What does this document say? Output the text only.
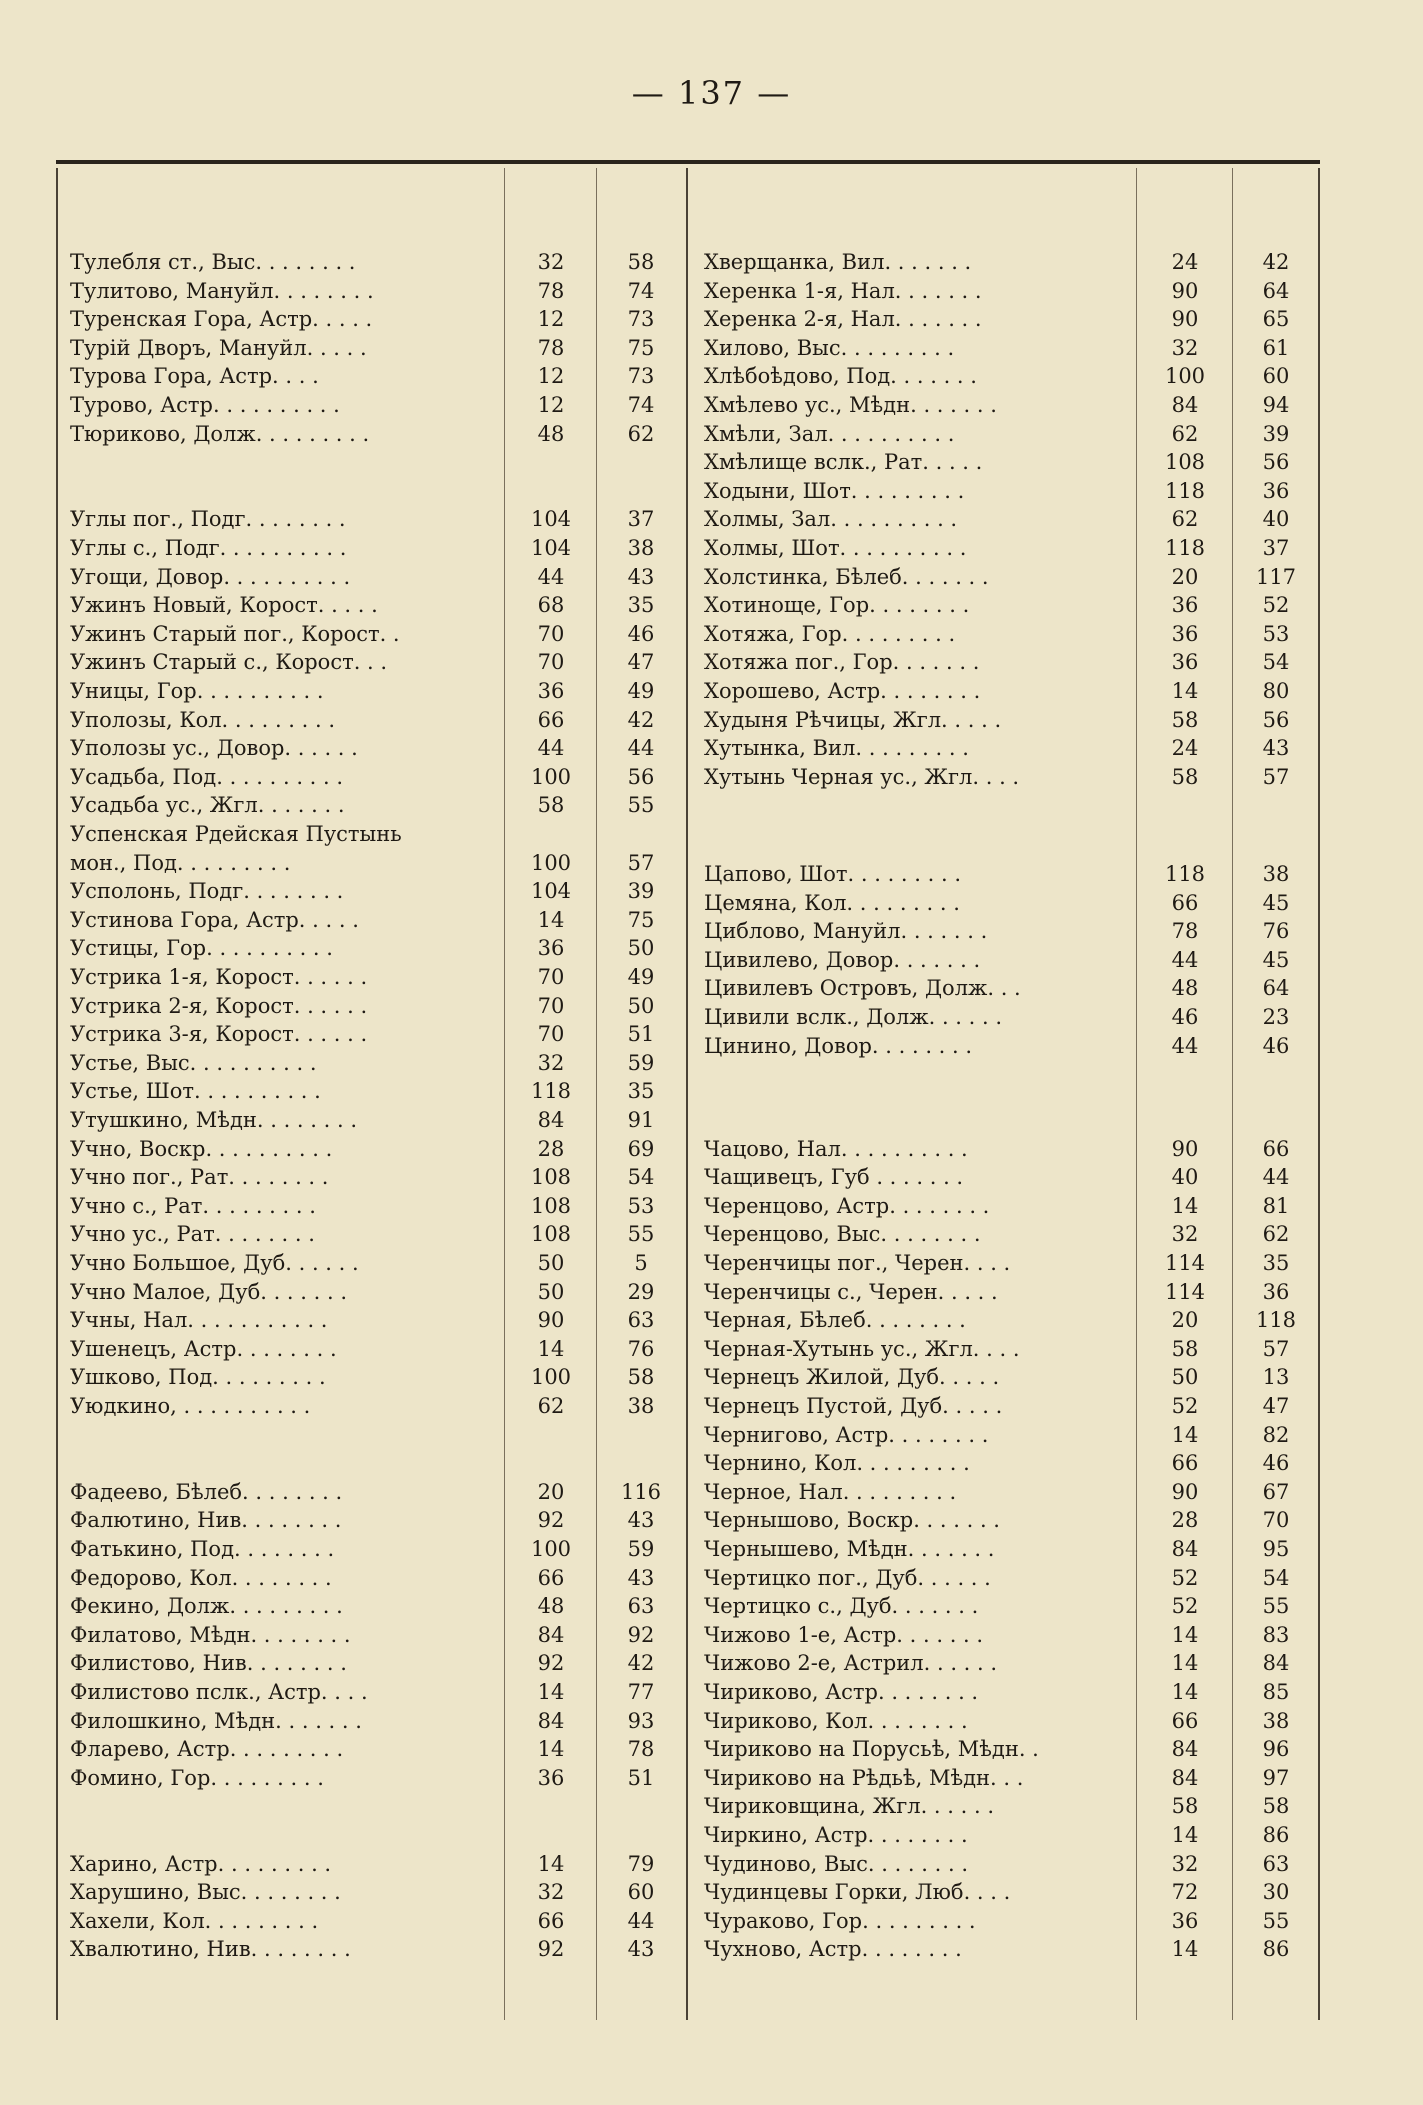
— 137 —
Тулебля ст., Выс. . . . . . . .	32	58
Тулитово, Мануйл. . . . . . . .	78	74
Туренская Гора, Астр. . . . .	12	73
Турій Дворъ, Мануйл. . . . .	78	75
Турова Гора, Астр. . . .	12	73
Турово, Астр. . . . . . . . . .	12	74
Тюриково, Долж. . . . . . . . .	48	62
Углы пог., Подг. . . . . . . .	104	37
Углы с., Подг. . . . . . . . . .	104	38
Угощи, Довор. . . . . . . . . .	44	43
Ужинъ Новый, Корост. . . . .	68	35
Ужинъ Старый пог., Корост. .	70	46
Ужинъ Старый с., Корост. . .	70	47
Уницы, Гор. . . . . . . . . .	36	49
Уполозы, Кол. . . . . . . . .	66	42
Уполозы ус., Довор. . . . . .	44	44
Усадьба, Под. . . . . . . . . .	100	56
Усадьба ус., Жгл. . . . . . .	58	55
Успенская Рдейская Пустынь
мон., Под. . . . . . . . .	100	57
Усполонь, Подг. . . . . . . .	104	39
Устинова Гора, Астр. . . . .	14	75
Устицы, Гор. . . . . . . . . .	36	50
Устрика 1-я, Корост. . . . . .	70	49
Устрика 2-я, Корост. . . . . .	70	50
Устрика 3-я, Корост. . . . . .	70	51
Устье, Выс. . . . . . . . . .	32	59
Устье, Шот. . . . . . . . . .	118	35
Утушкино, Мѣдн. . . . . . . .	84	91
Учно, Воскр. . . . . . . . . .	28	69
Учно пог., Рат. . . . . . . .	108	54
Учно с., Рат. . . . . . . . .	108	53
Учно ус., Рат. . . . . . . .	108	55
Учно Большое, Дуб. . . . . .	50	5
Учно Малое, Дуб. . . . . . .	50	29
Учны, Нал. . . . . . . . . . .	90	63
Ушенецъ, Астр. . . . . . . .	14	76
Ушково, Под. . . . . . . . .	100	58
Уюдкино, . . . . . . . . . .	62	38
Фадеево, Бѣлеб. . . . . . . .	20	116
Фалютино, Нив. . . . . . . .	92	43
Фатькино, Под. . . . . . . .	100	59
Федорово, Кол. . . . . . . .	66	43
Фекино, Долж. . . . . . . . .	48	63
Филатово, Мѣдн. . . . . . . .	84	92
Филистово, Нив. . . . . . . .	92	42
Филистово пслк., Астр. . . .	14	77
Филошкино, Мѣдн. . . . . . .	84	93
Фларево, Астр. . . . . . . . .	14	78
Фомино, Гор. . . . . . . . .	36	51
Харино, Астр. . . . . . . . .	14	79
Харушино, Выс. . . . . . . .	32	60
Хахели, Кол. . . . . . . . .	66	44
Хвалютино, Нив. . . . . . . .	92	43
Хверщанка, Вил. . . . . . .	24	42
Херенка 1-я, Нал. . . . . . .	90	64
Херенка 2-я, Нал. . . . . . .	90	65
Хилово, Выс. . . . . . . . .	32	61
Хлѣбоѣдово, Под. . . . . . .	100	60
Хмѣлево ус., Мѣдн. . . . . . .	84	94
Хмѣли, Зал. . . . . . . . . .	62	39
Хмѣлище вслк., Рат. . . . .	108	56
Ходыни, Шот. . . . . . . . .	118	36
Холмы, Зал. . . . . . . . . .	62	40
Холмы, Шот. . . . . . . . . .	118	37
Холстинка, Бѣлеб. . . . . . .	20	117
Хотиноще, Гор. . . . . . . .	36	52
Хотяжа, Гор. . . . . . . . .	36	53
Хотяжа пог., Гор. . . . . . .	36	54
Хорошево, Астр. . . . . . . .	14	80
Худыня Рѣчицы, Жгл. . . . .	58	56
Хутынка, Вил. . . . . . . . .	24	43
Хутынь Черная ус., Жгл. . . .	58	57
Цапово, Шот. . . . . . . . .	118	38
Цемяна, Кол. . . . . . . . .	66	45
Циблово, Мануйл. . . . . . .	78	76
Цивилево, Довор. . . . . . .	44	45
Цивилевъ Островъ, Долж. . .	48	64
Цивили вслк., Долж. . . . . .	46	23
Цинино, Довор. . . . . . . .	44	46
Чацово, Нал. . . . . . . . . .	90	66
Чащивецъ, Губ . . . . . . .	40	44
Черенцово, Астр. . . . . . . .	14	81
Черенцово, Выс. . . . . . . .	32	62
Черенчицы пог., Черен. . . .	114	35
Черенчицы с., Черен. . . . .	114	36
Черная, Бѣлеб. . . . . . . .	20	118
Черная-Хутынь ус., Жгл. . . .	58	57
Чернецъ Жилой, Дуб. . . . .	50	13
Чернецъ Пустой, Дуб. . . . .	52	47
Черниговo, Астр. . . . . . . .	14	82
Чернино, Кол. . . . . . . . .	66	46
Черное, Нал. . . . . . . . .	90	67
Чернышово, Воскр. . . . . . .	28	70
Чернышево, Мѣдн. . . . . . .	84	95
Чертицко пог., Дуб. . . . . .	52	54
Чертицко с., Дуб. . . . . . .	52	55
Чижово 1-е, Астр. . . . . . .	14	83
Чижово 2-е, Астрил. . . . . .	14	84
Чириково, Астр. . . . . . . .	14	85
Чириково, Кол. . . . . . . .	66	38
Чириково на Порусьѣ, Мѣдн. .	84	96
Чириково на Рѣдьѣ, Мѣдн. . .	84	97
Чириковщина, Жгл. . . . . .	58	58
Чиркино, Астр. . . . . . . .	14	86
Чудиново, Выс. . . . . . . .	32	63
Чудинцевы Горки, Люб. . . .	72	30
Чураково, Гор. . . . . . . . .	36	55
Чухново, Астр. . . . . . . .	14	86
